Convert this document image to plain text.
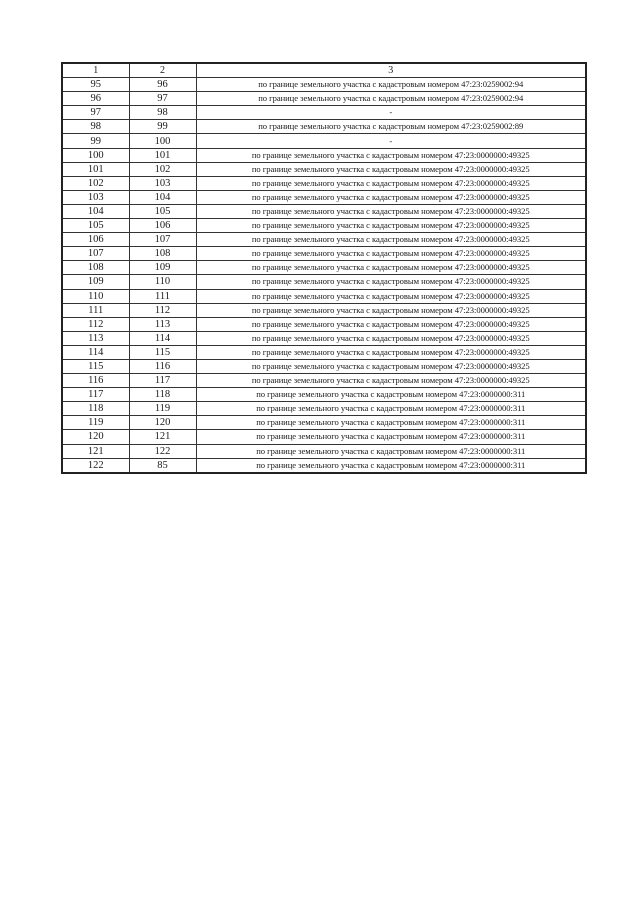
1	2	3
95	96	по границе земельного участка с кадастровым номером 47:23:0259002:94
96	97	по границе земельного участка с кадастровым номером 47:23:0259002:94
97	98	-
98	99	по границе земельного участка с кадастровым номером 47:23:0259002:89
99	100	-
100	101	по границе земельного участка с кадастровым номером 47:23:0000000:49325
101	102	по границе земельного участка с кадастровым номером 47:23:0000000:49325
102	103	по границе земельного участка с кадастровым номером 47:23:0000000:49325
103	104	по границе земельного участка с кадастровым номером 47:23:0000000:49325
104	105	по границе земельного участка с кадастровым номером 47:23:0000000:49325
105	106	по границе земельного участка с кадастровым номером 47:23:0000000:49325
106	107	по границе земельного участка с кадастровым номером 47:23:0000000:49325
107	108	по границе земельного участка с кадастровым номером 47:23:0000000:49325
108	109	по границе земельного участка с кадастровым номером 47:23:0000000:49325
109	110	по границе земельного участка с кадастровым номером 47:23:0000000:49325
110	111	по границе земельного участка с кадастровым номером 47:23:0000000:49325
111	112	по границе земельного участка с кадастровым номером 47:23:0000000:49325
112	113	по границе земельного участка с кадастровым номером 47:23:0000000:49325
113	114	по границе земельного участка с кадастровым номером 47:23:0000000:49325
114	115	по границе земельного участка с кадастровым номером 47:23:0000000:49325
115	116	по границе земельного участка с кадастровым номером 47:23:0000000:49325
116	117	по границе земельного участка с кадастровым номером 47:23:0000000:49325
117	118	по границе земельного участка с кадастровым номером 47:23:0000000:311
118	119	по границе земельного участка с кадастровым номером 47:23:0000000:311
119	120	по границе земельного участка с кадастровым номером 47:23:0000000:311
120	121	по границе земельного участка с кадастровым номером 47:23:0000000:311
121	122	по границе земельного участка с кадастровым номером 47:23:0000000:311
122	85	по границе земельного участка с кадастровым номером 47:23:0000000:311
